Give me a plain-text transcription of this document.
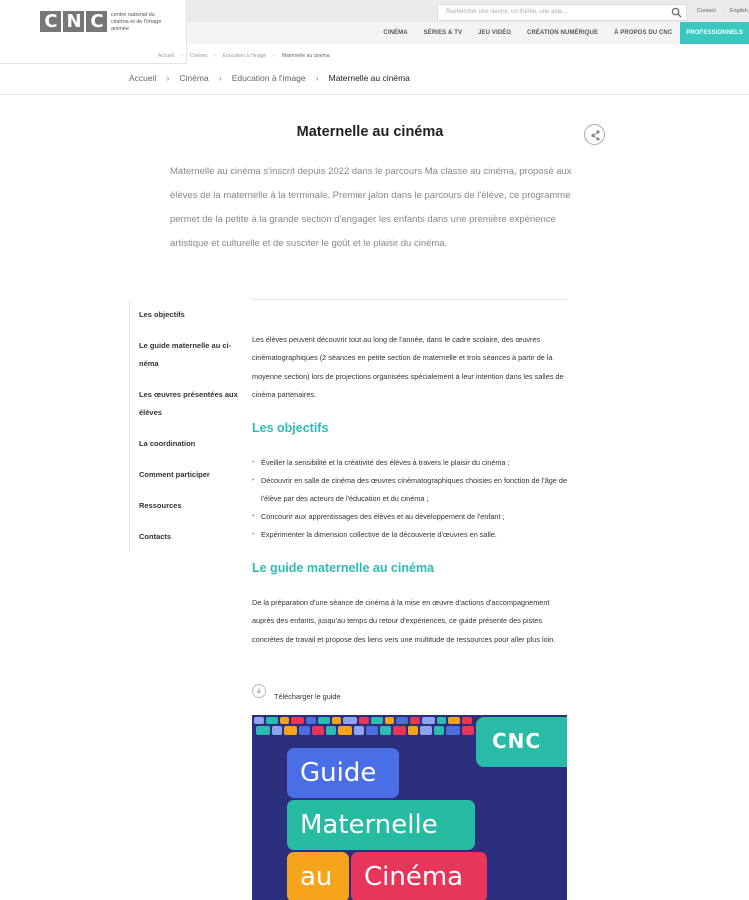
CINÉMA	SÉRIES & TV	JEU VIDÉO	CRÉATION NUMÉRIQUE	À PROPOS DU CNC	PROFESSIONNELS
Rechercher une œuvre, un thème, une aide…	Contact · English
C N C	centre national du cinéma et de l'image animée
Accueil › Cinéma › Education à l'image › Maternelle au cinéma
Accueil › Cinéma › Education à l'image › Maternelle au cinéma
Maternelle au cinéma

Maternelle au cinéma s'inscrit depuis 2022 dans le parcours Ma classe au cinéma, proposé aux élèves de la maternelle à la terminale. Premier jalon dans le parcours de l'élève, ce programme permet de la petite à la grande section d'engager les enfants dans une première expérience artistique et culturelle et de susciter le goût et le plaisir du cinéma.

Les objectifs
Le guide maternelle au ci-néma
Les œuvres présentées aux élèves
La coordination
Comment participer
Ressources
Contacts

Les élèves peuvent découvrir tout au long de l'année, dans le cadre scolaire, des œuvres cinématographiques (2 séances en petite section de maternelle et trois séances à partir de la moyenne section) lors de projections organisées spécialement à leur intention dans les salles de cinéma partenaires.

Les objectifs
• Éveiller la sensibilité et la créativité des élèves à travers le plaisir du cinéma ;
• Découvrir en salle de cinéma des œuvres cinématographiques choisies en fonction de l'âge de l'élève par des acteurs de l'éducation et du cinéma ;
• Concourir aux apprentissages des élèves et au développement de l'enfant ;
• Expérimenter la dimension collective de la découverte d'œuvres en salle.
Le guide maternelle au cinéma

De la préparation d'une séance de cinéma à la mise en œuvre d'actions d'accompagnement auprès des enfants, jusqu'au temps du retour d'expériences, ce guide présente des pistes concrètes de travail et propose des liens vers une multitude de ressources pour aller plus loin.

Télécharger le guide
CNC
Guide
Maternelle
au	Cinéma
